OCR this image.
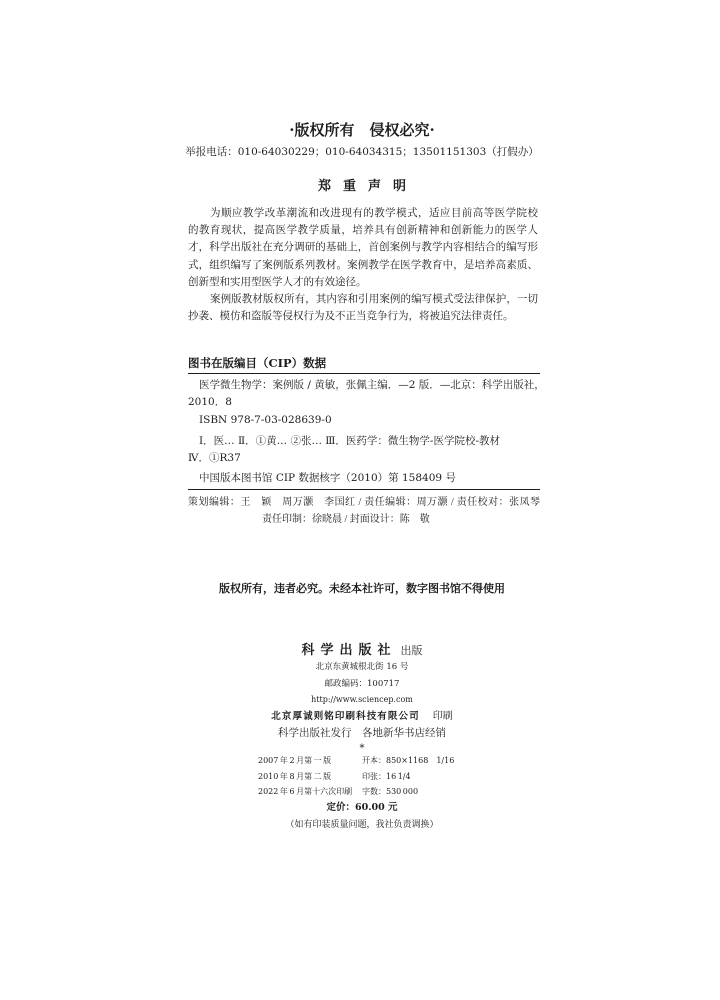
·版权所有　侵权必究·
举报电话：010-64030229；010-64034315；13501151303（打假办）
郑重声明
为顺应教学改革潮流和改进现有的教学模式，适应目前高等医学院校
的教育现状，提高医学教学质量，培养具有创新精神和创新能力的医学人
才，科学出版社在充分调研的基础上，首创案例与教学内容相结合的编写形
式，组织编写了案例版系列教材。案例教学在医学教育中，是培养高素质、
创新型和实用型医学人才的有效途径。
案例版教材版权所有，其内容和引用案例的编写模式受法律保护，一切
抄袭、模仿和盗版等侵权行为及不正当竞争行为，将被追究法律责任。
图书在版编目（CIP）数据
医学微生物学：案例版 / 黄敏，张佩主编．—2 版．—北京：科学出版社，
2010．8
ISBN 978-7-03-028639-0
Ⅰ．医… Ⅱ．①黄… ②张… Ⅲ．医药学：微生物学-医学院校-教材
Ⅳ．①R37
中国版本图书馆 CIP 数据核字（2010）第 158409 号
策划编辑：王　颖　周万灏　李国红 / 责任编辑：周万灏 / 责任校对：张凤琴
责任印制：徐晓晨 / 封面设计：陈　敬
版权所有，违者必究。未经本社许可，数字图书馆不得使用
科学出版社 出版
北京东黄城根北街 16 号
邮政编码：100717
http://www.sciencep.com
北京厚诚则铭印刷科技有限公司 印刷
科学出版社发行　各地新华书店经销
*
2007 年 2 月第 一 版	开本：850×1168　1/16
2010 年 8 月第 二 版	印张：16 1/4
2022 年 6 月第十六次印刷 字数：530 000
定价：60.00 元
（如有印装质量问题，我社负责调换）
